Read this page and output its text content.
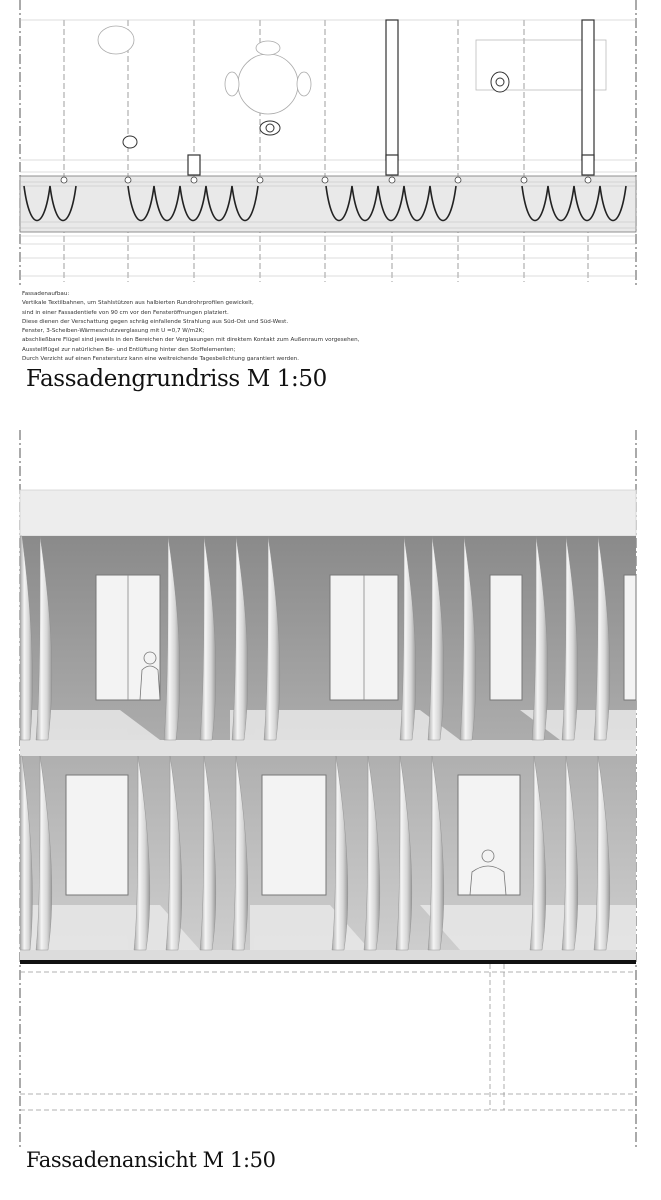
Fassadenaufbau:
Vertikale Textilbahnen, um Stahlstützen aus halbierten Rundrohrprofilen gewickelt,
sind in einer Fassadentiefe von 90 cm vor den Fensteröffnungen platziert.
Diese dienen der Verschattung gegen schräg einfallende Strahlung aus Süd-Ost und Süd-West.
Fenster, 3-Scheiben-Wärmeschutzverglasung mit U =0,7 W/m2K;
abschließbare Flügel sind jeweils in den Bereichen der Verglasungen mit direktem Kontakt zum Außenraum vorgesehen,
Ausstellflügel zur natürlichen Be- und Entlüftung hinter den Stoffelementen;
Durch Verzicht auf einen Fenstersturz kann eine weitreichende Tagesbelichtung garantiert werden.
Fassadengrundriss M 1:50
Fassadenansicht M 1:50
